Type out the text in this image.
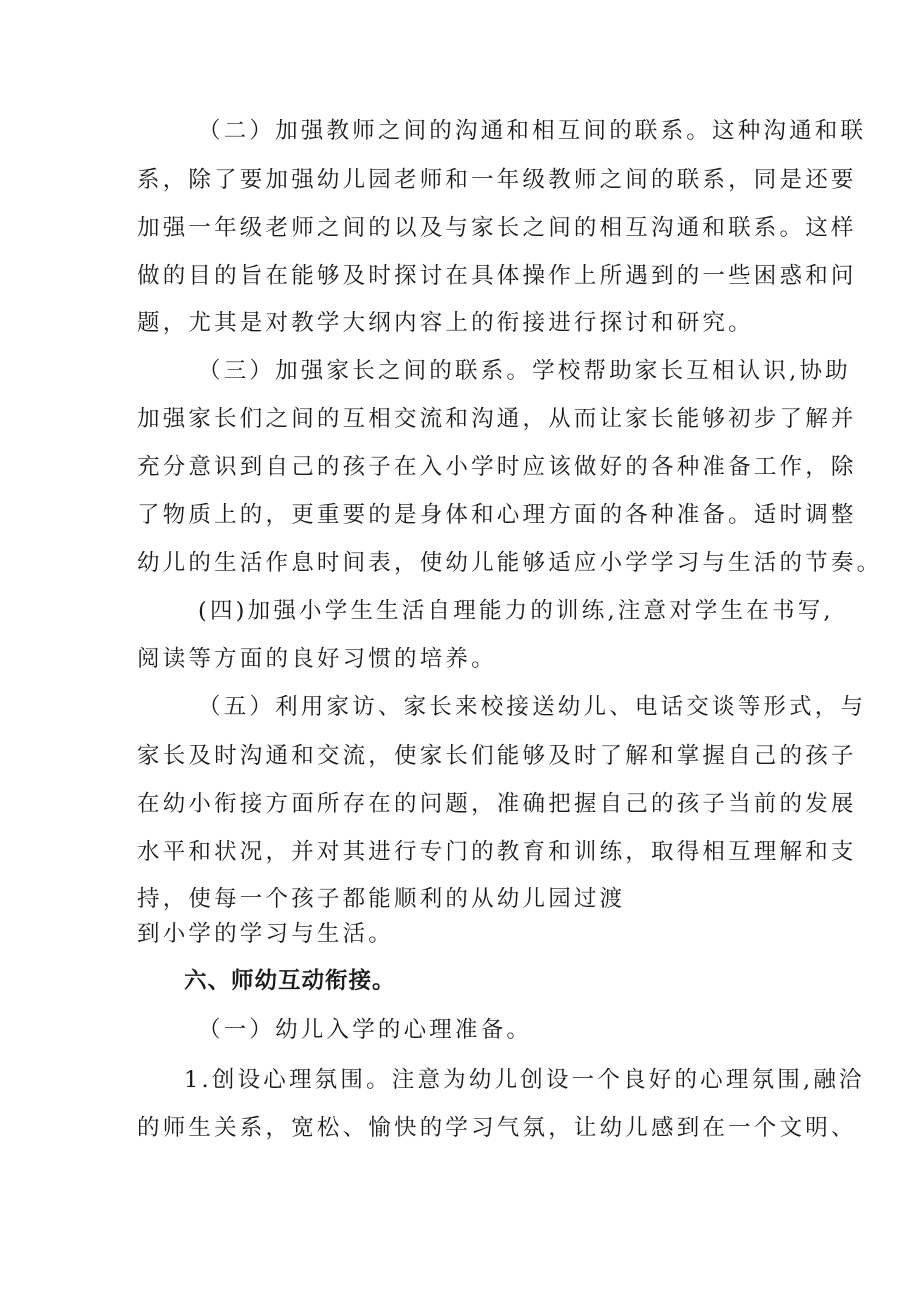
（二）加强教师之间的沟通和相互间的联系。这种沟通和联
系，除了要加强幼儿园老师和一年级教师之间的联系，同是还要
加强一年级老师之间的以及与家长之间的相互沟通和联系。这样
做的目的旨在能够及时探讨在具体操作上所遇到的一些困惑和问
题，尤其是对教学大纲内容上的衔接进行探讨和研究。
（三）加强家长之间的联系。学校帮助家长互相认识,协助
加强家长们之间的互相交流和沟通，从而让家长能够初步了解并
充分意识到自己的孩子在入小学时应该做好的各种准备工作，除
了物质上的，更重要的是身体和心理方面的各种准备。适时调整
幼儿的生活作息时间表，使幼儿能够适应小学学习与生活的节奏。
(四)加强小学生生活自理能力的训练,注意对学生在书写,
阅读等方面的良好习惯的培养。
（五）利用家访、家长来校接送幼儿、电话交谈等形式，与
家长及时沟通和交流，使家长们能够及时了解和掌握自己的孩子
在幼小衔接方面所存在的问题，准确把握自己的孩子当前的发展
水平和状况，并对其进行专门的教育和训练，取得相互理解和支
持，使每一个孩子都能顺利的从幼儿园过渡
到小学的学习与生活。
六、师幼互动衔接。
（一）幼儿入学的心理准备。
1.创设心理氛围。注意为幼儿创设一个良好的心理氛围,融洽
的师生关系，宽松、愉快的学习气氛，让幼儿感到在一个文明、
